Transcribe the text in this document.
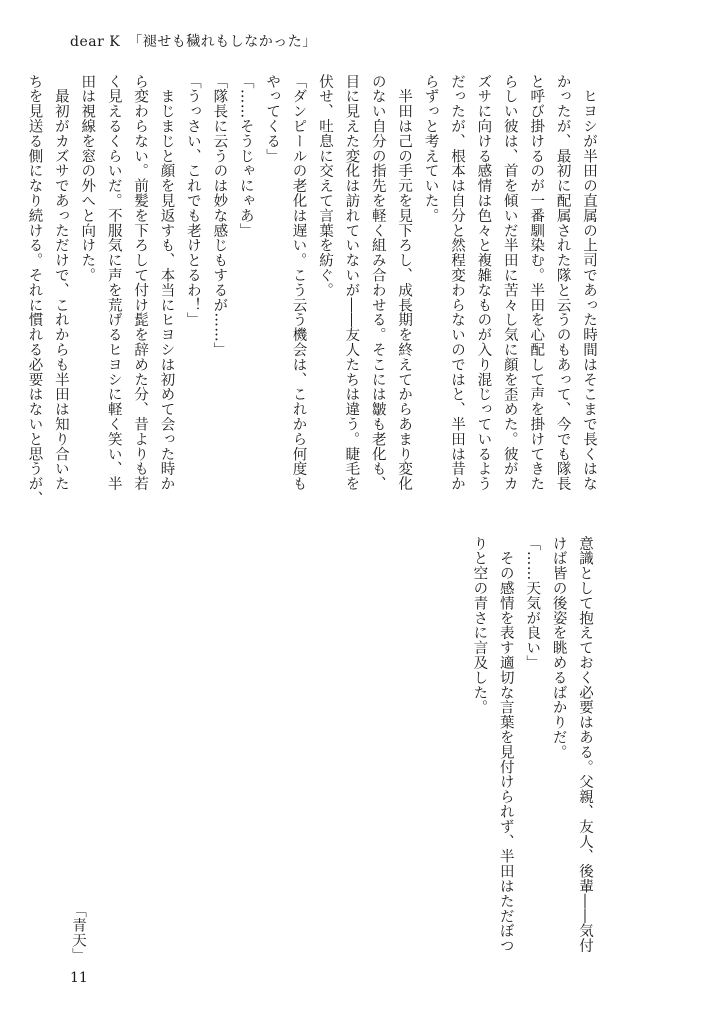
dear K 「褪せも穢れもしなかった」
　ヒヨシが半田の直属の上司であった時間はそこまで長くはな
かったが、最初に配属された隊と云うのもあって、今でも隊長
と呼び掛けるのが一番馴染む。半田を心配して声を掛けてきた
らしい彼は、首を傾いだ半田に苦々し気に顔を歪めた。彼がカ
ズサに向ける感情は色々と複雑なものが入り混じっているよう
だったが、根本は自分と然程変わらないのではと、半田は昔か
らずっと考えていた。
　半田は己の手元を見下ろし、成長期を終えてからあまり変化
のない自分の指先を軽く組み合わせる。そこには皺も老化も、
目に見えた変化は訪れていないが――友人たちは違う。睫毛を
伏せ、吐息に交えて言葉を紡ぐ。
「ダンピールの老化は遅い。こう云う機会は、これから何度も
やってくる」
「……そうじゃにゃあ」
「隊長に云うのは妙な感じもするが……」
「うっさい、これでも老けとるわ！」
　まじまじと顔を見返すも、本当にヒヨシは初めて会った時か
ら変わらない。前髪を下ろして付け髭を辞めた分、昔よりも若
く見えるくらいだ。不服気に声を荒げるヒヨシに軽く笑い、半
田は視線を窓の外へと向けた。
　最初がカズサであっただけで、これからも半田は知り合いた
ちを見送る側になり続ける。それに慣れる必要はないと思うが、
意識として抱えておく必要はある。父親、友人、後輩――気付
けば皆の後姿を眺めるばかりだ。
「……天気が良い」
　その感情を表す適切な言葉を見付けられず、半田はただぼつ
りと空の青さに言及した。
「青天」
11
